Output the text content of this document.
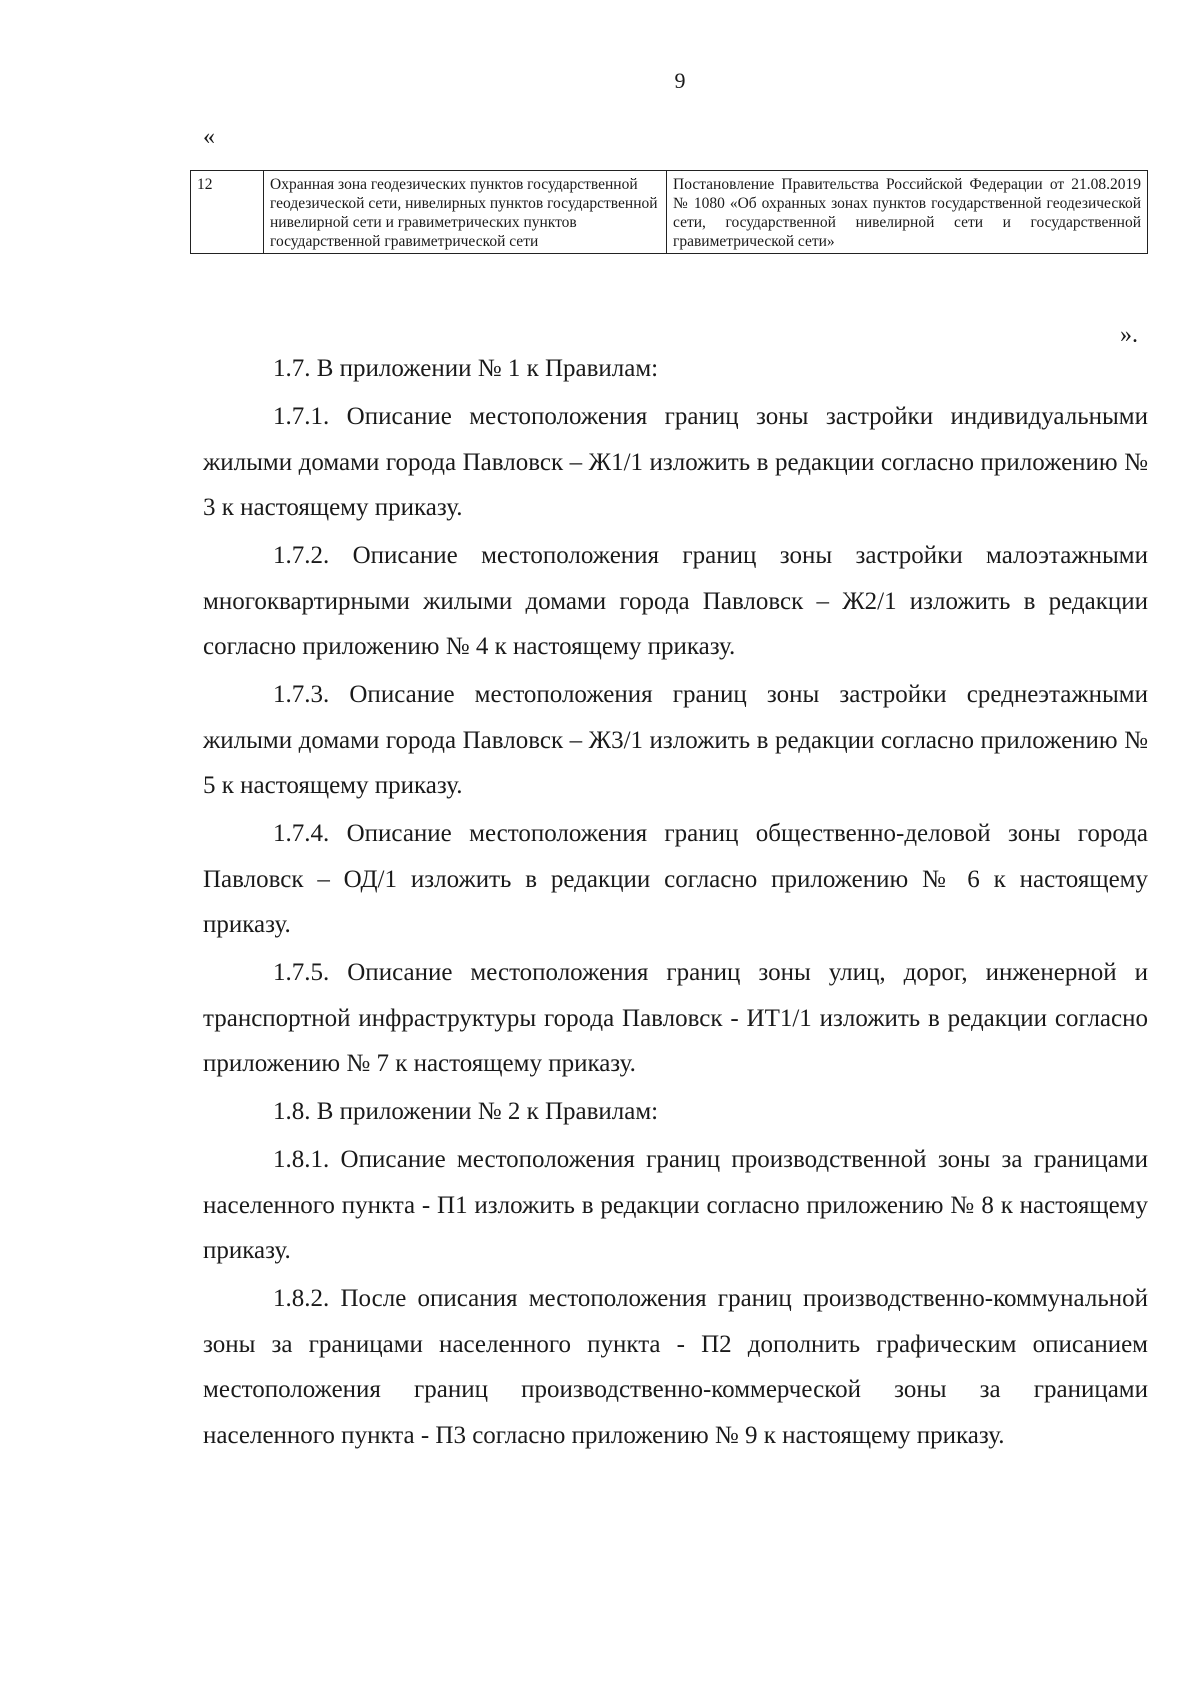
9
«
12	Охранная зона геодезических пунктов государственной геодезической сети, нивелирных пунктов государственной нивелирной сети и гравиметрических пунктов государственной гравиметрической сети	Постановление Правительства Российской Федерации от 21.08.2019 № 1080 «Об охранных зонах пунктов государственной геодезической сети, государственной нивелирной сети и государственной гравиметрической сети»
».

1.7. В приложении № 1 к Правилам:

1.7.1. Описание местоположения границ зоны застройки индивидуальными жилыми домами города Павловск – Ж1/1 изложить в редакции согласно приложению № 3 к настоящему приказу.

1.7.2. Описание местоположения границ зоны застройки малоэтажными многоквартирными жилыми домами города Павловск – Ж2/1 изложить в редакции согласно приложению № 4 к настоящему приказу.

1.7.3. Описание местоположения границ зоны застройки среднеэтажными жилыми домами города Павловск – Ж3/1 изложить в редакции согласно приложению № 5 к настоящему приказу.

1.7.4. Описание местоположения границ общественно-деловой зоны города Павловск – ОД/1 изложить в редакции согласно приложению № 6 к настоящему приказу.

1.7.5. Описание местоположения границ зоны улиц, дорог, инженерной и транспортной инфраструктуры города Павловск - ИТ1/1 изложить в редакции согласно приложению № 7 к настоящему приказу.

1.8. В приложении № 2 к Правилам:

1.8.1. Описание местоположения границ производственной зоны за границами населенного пункта - П1 изложить в редакции согласно приложению № 8 к настоящему приказу.

1.8.2. После описания местоположения границ производственно-коммунальной зоны за границами населенного пункта - П2 дополнить графическим описанием местоположения границ производственно-коммерческой зоны за границами населенного пункта - П3 согласно приложению № 9 к настоящему приказу.
